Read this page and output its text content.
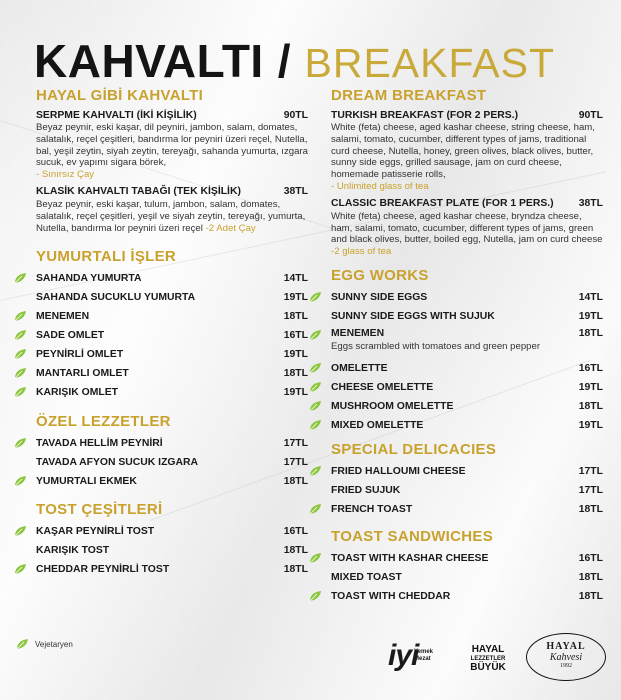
KAHVALTI / BREAKFAST
HAYAL GİBİ KAHVALTI
SERPME KAHVALTI (İKİ KİŞİLİK)	90TL
Beyaz peynir, eski kaşar, dil peyniri, jambon, salam, domates, salatalık, reçel çeşitleri, bandırma lor peyniri üzeri reçel, Nutella, bal, yeşil zeytin, siyah zeytin, tereyağı, sahanda yumurta, ızgara sucuk, ev yapımı sigara börek,
- Sınırsız Çay
KLASİK KAHVALTI TABAĞI (TEK KİŞİLİK)	38TL
Beyaz peynir, eski kaşar, tulum, jambon, salam, domates, salatalık, reçel çeşitleri, yeşil ve siyah zeytin, tereyağı, yumurta, Nutella, bandırma lor peyniri üzeri reçel -2 Adet Çay
YUMURTALI İŞLER
SAHANDA YUMURTA	14TL
SAHANDA SUCUKLU YUMURTA	19TL
MENEMEN	18TL
SADE OMLET	16TL
PEYNİRLİ OMLET	19TL
MANTARLI OMLET	18TL
KARIŞIK OMLET	19TL
ÖZEL LEZZETLER
TAVADA HELLİM PEYNİRİ	17TL
TAVADA AFYON SUCUK IZGARA	17TL
YUMURTALI EKMEK	18TL
TOST ÇEŞİTLERİ
KAŞAR PEYNİRLİ TOST	16TL
KARIŞIK TOST	18TL
CHEDDAR PEYNİRLİ TOST	18TL
DREAM BREAKFAST
TURKISH BREAKFAST (FOR 2 PERS.)	90TL
White (feta) cheese, aged kashar cheese, string cheese, ham, salami, tomato, cucumber, different types of jams, traditional curd cheese, Nutella, honey, green olives, black olives, butter, sunny side eggs, grilled sausage, jam on curd cheese, homemade patisserie rolls,
- Unlimited glass of tea
CLASSIC BREAKFAST PLATE (FOR 1 PERS.) 38TL
White (feta) cheese, aged kashar cheese, bryndza cheese, ham, salami, tomato, cucumber, different types of jams, green and black olives, butter, boiled egg, Nutella, jam on curd cheese -2 glass of tea
EGG WORKS
SUNNY SIDE EGGS	14TL
SUNNY SIDE EGGS WITH SUJUK	19TL
MENEMEN	18TL
Eggs scrambled with tomatoes and green pepper
OMELETTE	16TL
CHEESE OMELETTE	19TL
MUSHROOM OMELETTE	18TL
MIXED OMELETTE	19TL
SPECIAL DELICACIES
FRIED HALLOUMI CHEESE	17TL
FRIED SUJUK	17TL
FRENCH TOAST	18TL
TOAST SANDWICHES
TOAST WITH KASHAR CHEESE	16TL
MIXED TOAST	18TL
TOAST WITH CHEDDAR	18TL
Vejetaryen	iyi
Yemek Mezat
HAYAL
LEZZETLER
BÜYÜK
HAYAL
Kahvesi
1992
